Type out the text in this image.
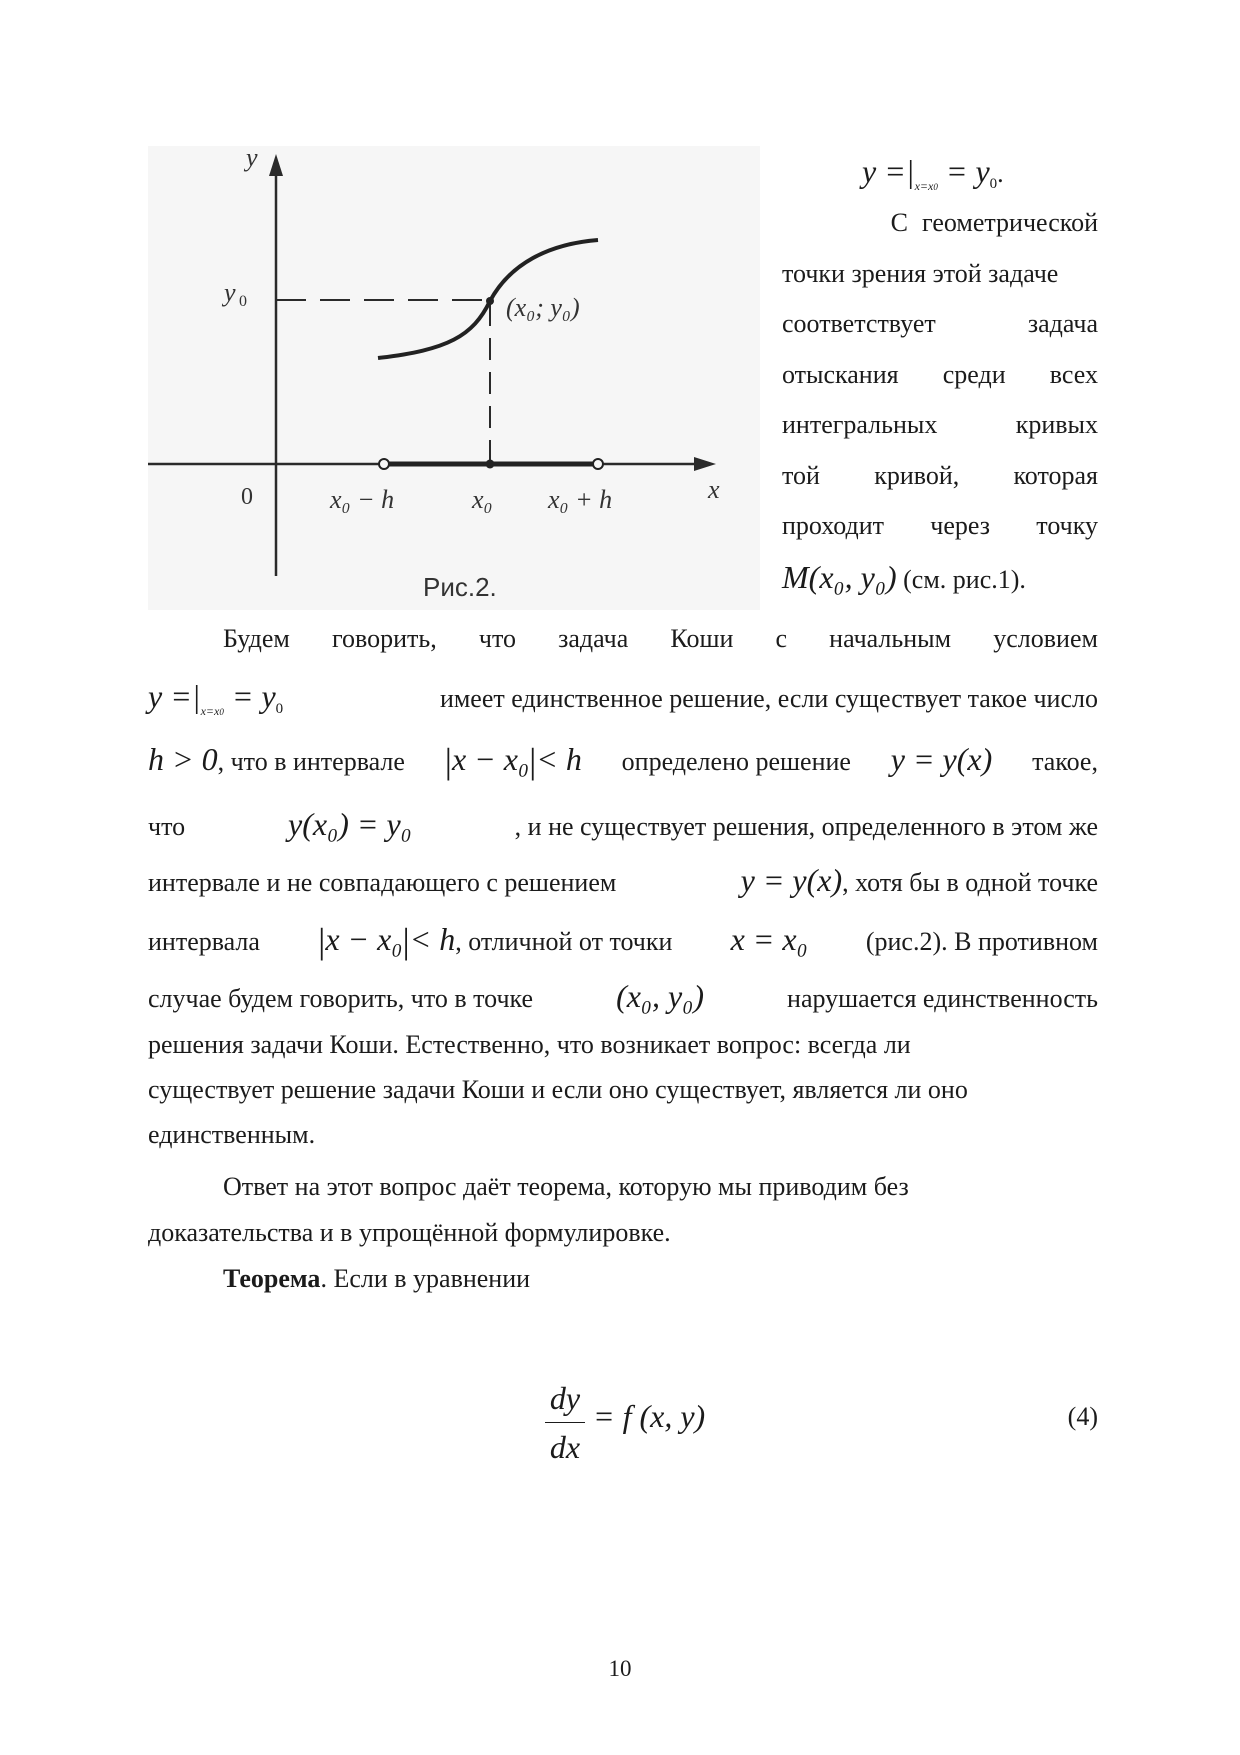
y
x
0
y 0	(x₀; y₀)
x₀ − h	x₀ x₀ + h
Рис.2.
$y =|_{x=x0} = y_0$.
С геометрической
точки зрения этой задаче
соответствует	задача
отыскания среди всех
интегральных	кривых
той кривой, которая
проходит через точку
M(x₀, y₀) (см. рис.1).
Будем говорить, что задача Коши с начальным условием
$y =|_{x=x0} = y_0$	имеет единственное решение, если существует такое число
h > 0, что в интервале |x − x₀|< h определено решение y = y(x) такое,
что	y(x₀) = y₀	, и не существует решения, определенного в этом же
интервале и не совпадающего с решением	y = y(x), хотя бы в одной точке
интервала |x − x₀|< h, отличной от точки x = x₀ (рис.2). В противном
случае будем говорить, что в точке	(x₀, y₀)	нарушается единственность
решения задачи Коши. Естественно, что возникает вопрос: всегда ли
существует решение задачи Коши и если оно существует, является ли оно
единственным.
Ответ на этот вопрос даёт теорема, которую мы приводим без
доказательства и в упрощённой формулировке.
Теорема. Если в уравнении
dy
dx
= f (x, y)	(4)
10
